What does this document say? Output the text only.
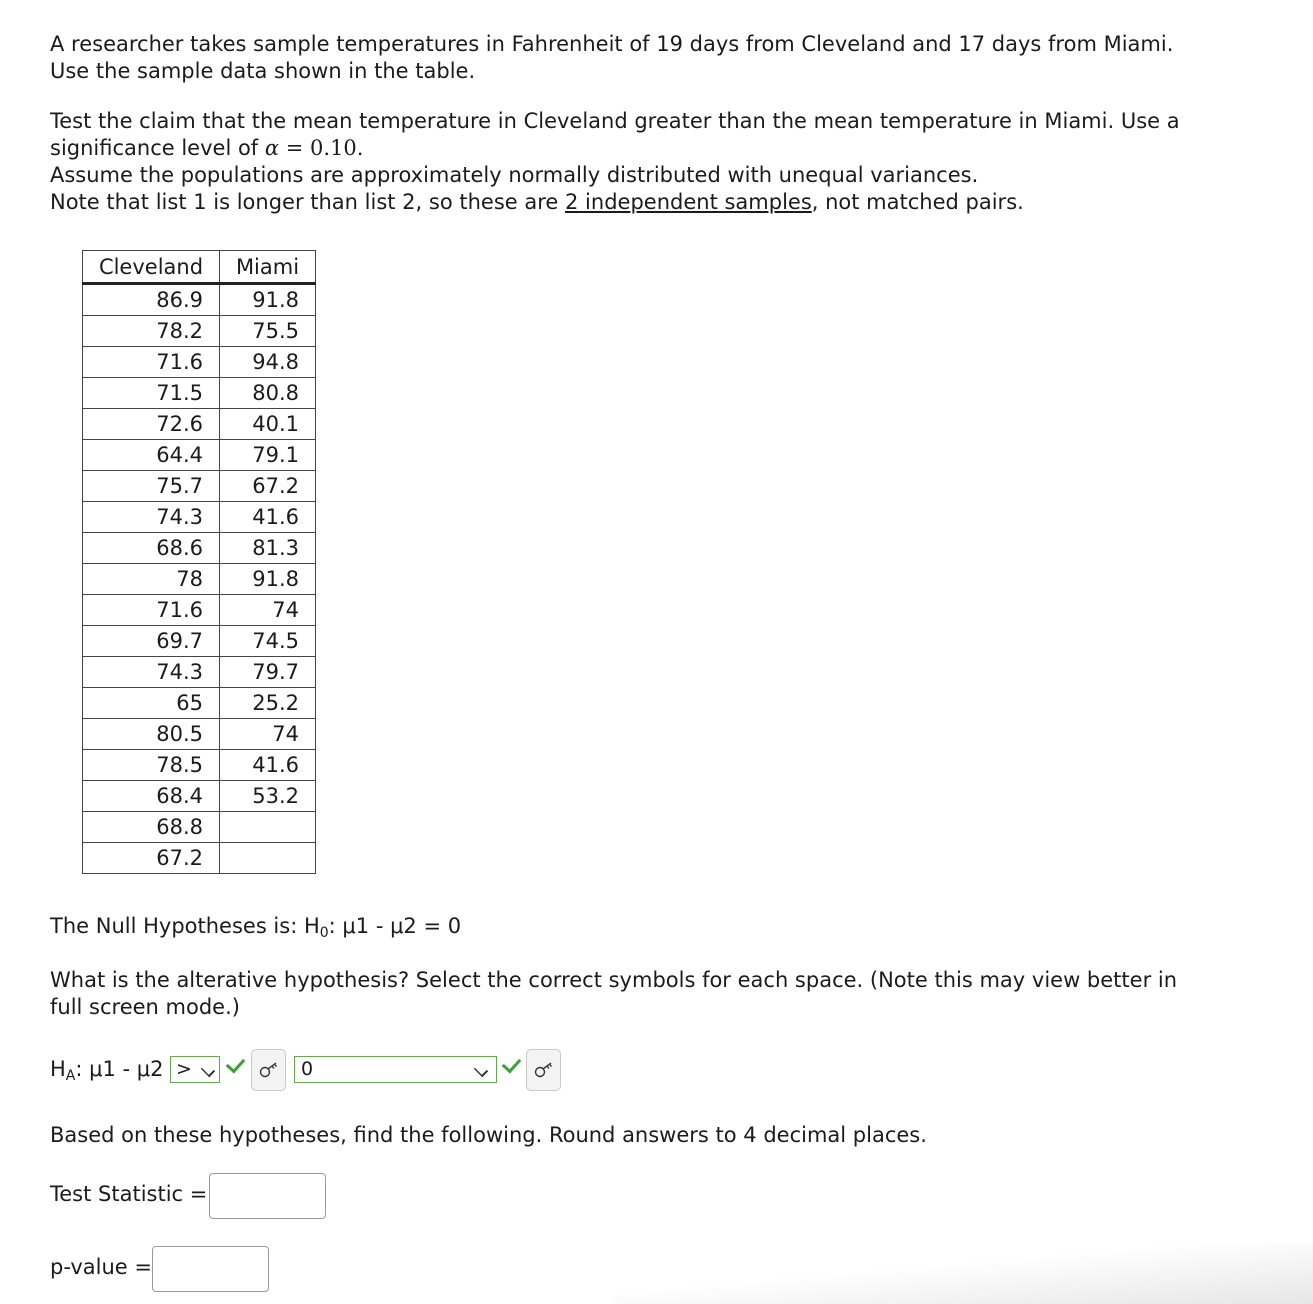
A researcher takes sample temperatures in Fahrenheit of 19 days from Cleveland and 17 days from Miami.

Use the sample data shown in the table.

Test the claim that the mean temperature in Cleveland greater than the mean temperature in Miami. Use a

significance level of α = 0.10.

Assume the populations are approximately normally distributed with unequal variances.

Note that list 1 is longer than list 2, so these are 2 independent samples, not matched pairs.

Cleveland	Miami
86.9	91.8
78.2	75.5
71.6	94.8
71.5	80.8
72.6	40.1
64.4	79.1
75.7	67.2
74.3	41.6
68.6	81.3
78	91.8
71.6	74
69.7	74.5
74.3	79.7
65	25.2
80.5	74
78.5	41.6
68.4	53.2
68.8	
67.2	

The Null Hypotheses is: $H_0$: μ1 - μ2 = 0

What is the alterative hypothesis? Select the correct symbols for each space. (Note this may view better in

full screen mode.)

$H_A$: μ1 - μ2 >	0

Based on these hypotheses, find the following. Round answers to 4 decimal places.

Test Statistic =

p-value =
